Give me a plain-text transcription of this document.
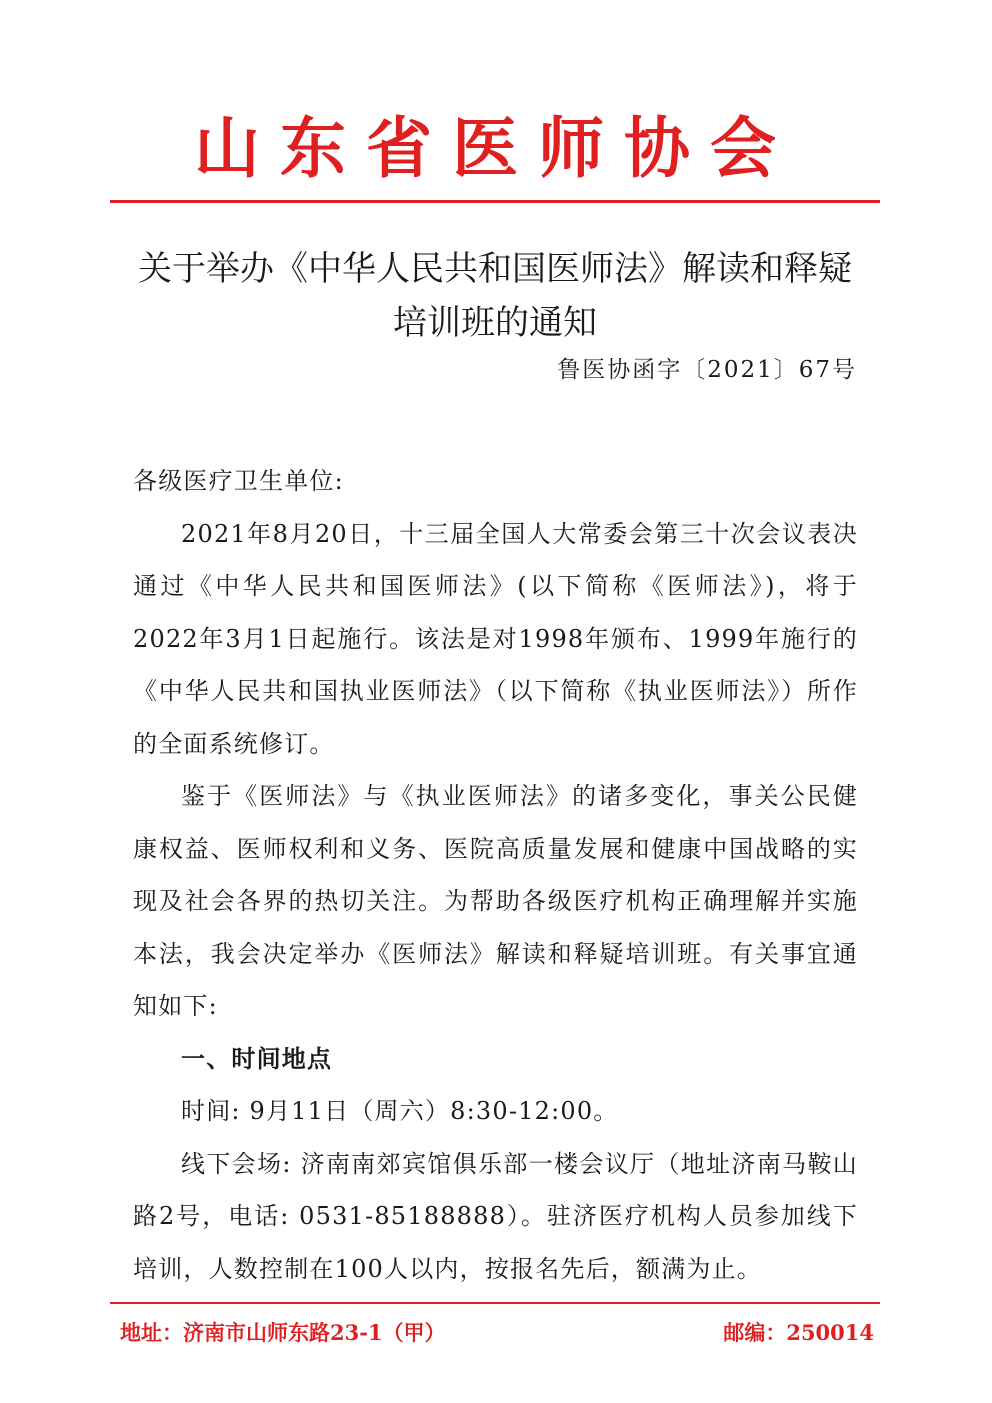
山东省医师协会
关于举办《中华人民共和国医师法》解读和释疑
培训班的通知
鲁医协函字〔2021〕67号

各级医疗卫生单位:

2021年8月20日，十三届全国人大常委会第三十次会议表决通过《中华人民共和国医师法》(以下简称《医师法》)，将于2022年3月1日起施行。该法是对1998年颁布、1999年施行的《中华人民共和国执业医师法》（以下简称《执业医师法》）所作的全面系统修订。

鉴于《医师法》与《执业医师法》的诸多变化，事关公民健康权益、医师权利和义务、医院高质量发展和健康中国战略的实现及社会各界的热切关注。为帮助各级医疗机构正确理解并实施本法，我会决定举办《医师法》解读和释疑培训班。有关事宜通知如下:

一、时间地点

时间: 9月11日（周六）8:30-12:00。

线下会场: 济南南郊宾馆俱乐部一楼会议厅（地址济南马鞍山路2号，电话: 0531-85188888）。驻济医疗机构人员参加线下培训，人数控制在100人以内，按报名先后，额满为止。

地址：济南市山师东路23-1（甲）	邮编：250014
